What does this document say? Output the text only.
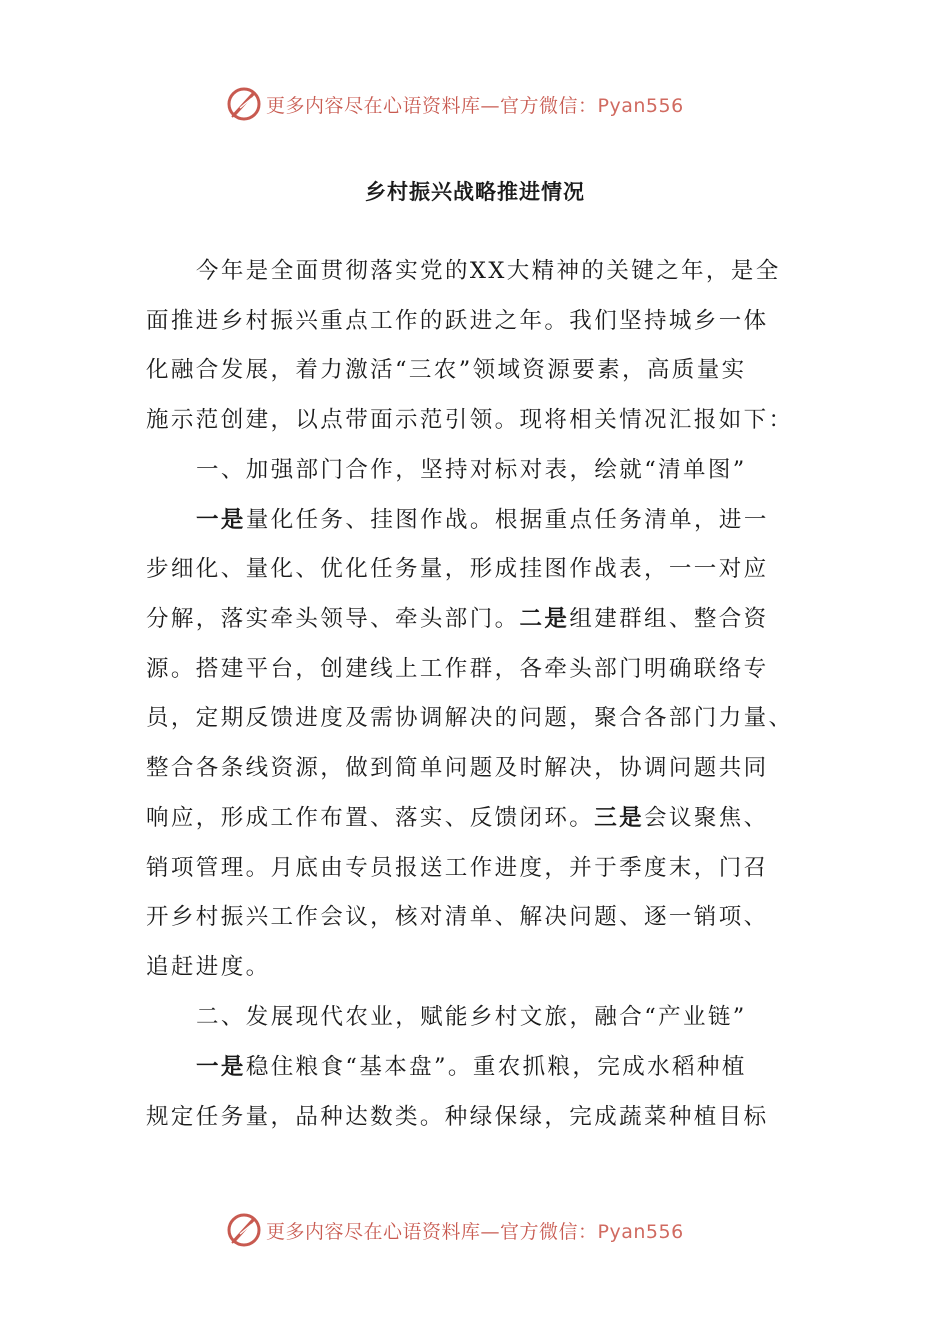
更多内容尽在心语资料库—官方微信：Pyan556
乡村振兴战略推进情况
今年是全面贯彻落实党的XX大精神的关键之年，是全
面推进乡村振兴重点工作的跃进之年。我们坚持城乡一体
化融合发展，着力激活“三农”领域资源要素，高质量实
施示范创建，以点带面示范引领。现将相关情况汇报如下：
一、加强部门合作，坚持对标对表，绘就“清单图”
一是量化任务、挂图作战。根据重点任务清单，进一
步细化、量化、优化任务量，形成挂图作战表，一一对应
分解，落实牵头领导、牵头部门。二是组建群组、整合资
源。搭建平台，创建线上工作群，各牵头部门明确联络专
员，定期反馈进度及需协调解决的问题，聚合各部门力量、
整合各条线资源，做到简单问题及时解决，协调问题共同
响应，形成工作布置、落实、反馈闭环。三是会议聚焦、
销项管理。月底由专员报送工作进度，并于季度末，门召
开乡村振兴工作会议，核对清单、解决问题、逐一销项、
追赶进度。
二、发展现代农业，赋能乡村文旅，融合“产业链”
一是稳住粮食“基本盘”。重农抓粮，完成水稻种植
规定任务量，品种达数类。种绿保绿，完成蔬菜种植目标
更多内容尽在心语资料库—官方微信：Pyan556
